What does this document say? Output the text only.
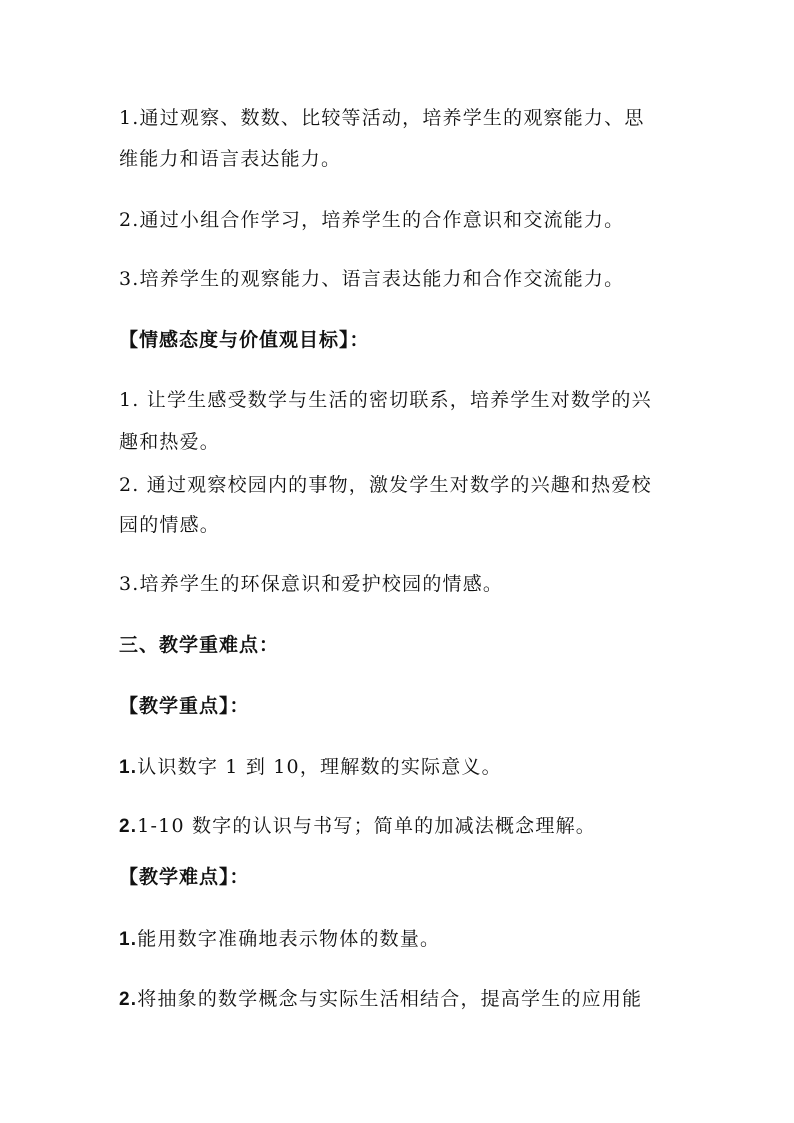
1.通过观察、数数、比较等活动，培养学生的观察能力、思
维能力和语言表达能力。
2.通过小组合作学习，培养学生的合作意识和交流能力。
3.培养学生的观察能力、语言表达能力和合作交流能力。
【情感态度与价值观目标】：
1. 让学生感受数学与生活的密切联系，培养学生对数学的兴
趣和热爱。
2. 通过观察校园内的事物，激发学生对数学的兴趣和热爱校
园的情感。
3.培养学生的环保意识和爱护校园的情感。
三、教学重难点：
【教学重点】：
1.认识数字 1 到 10，理解数的实际意义。
2.1-10 数字的认识与书写；简单的加减法概念理解。
【教学难点】：
1.能用数字准确地表示物体的数量。
2.将抽象的数学概念与实际生活相结合，提高学生的应用能
